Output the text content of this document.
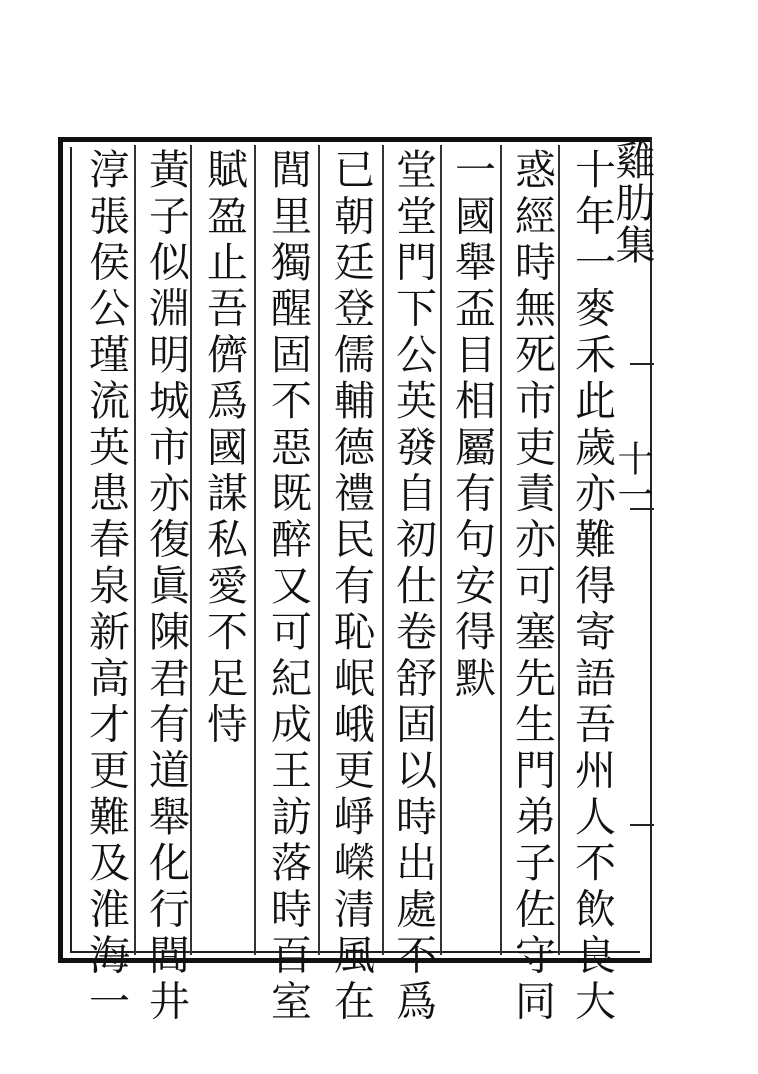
雞肋集
十一
十年一麥禾此歲亦難得寄語吾州人不飲良大
惑經時無死市吏責亦可塞先生門弟子佐守同
一國舉盃目相屬有句安得默
堂堂門下公英發自初仕卷舒固以時出處不爲
已朝廷登儒輔德禮民有恥岷峨更崢嶸清風在
閭里獨醒固不惡既醉又可紀成王訪落時百室
賦盈止吾儕爲國謀私愛不足恃
黃子似淵明城市亦復眞陳君有道舉化行閭井
淳張侯公瑾流英患春泉新高才更難及淮海一
